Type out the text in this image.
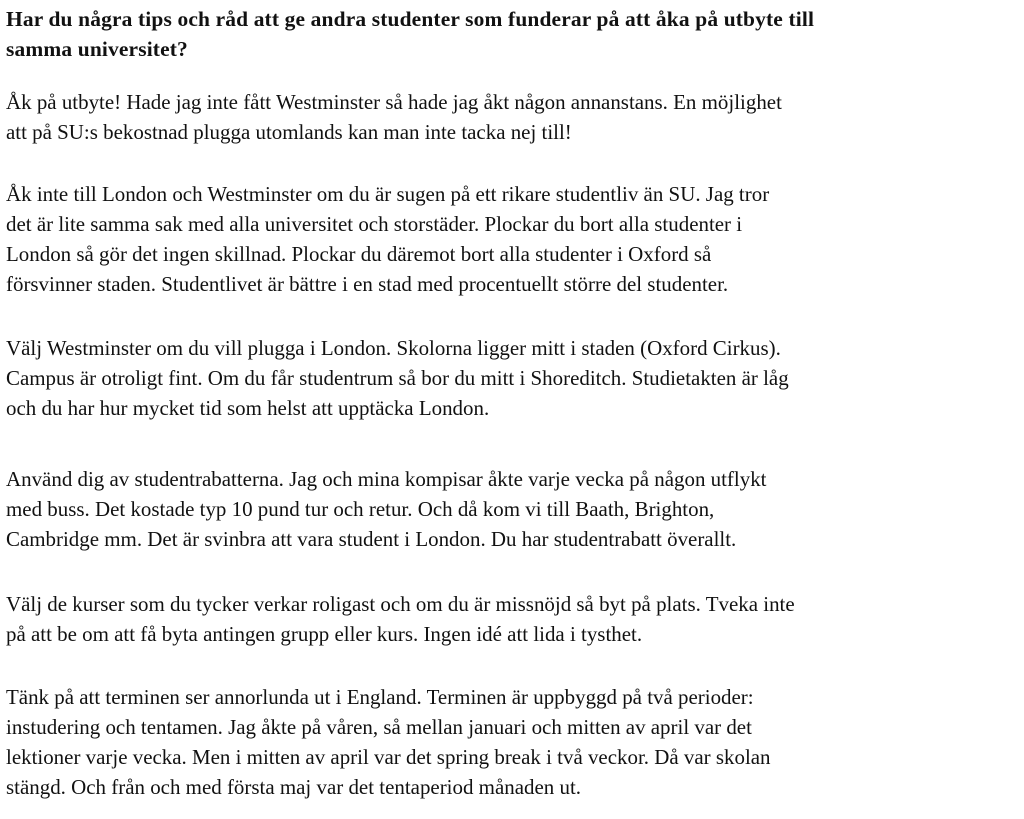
Har du några tips och råd att ge andra studenter som funderar på att åka på utbyte till
samma universitet?

Åk på utbyte! Hade jag inte fått Westminster så hade jag åkt någon annanstans. En möjlighet
att på SU:s bekostnad plugga utomlands kan man inte tacka nej till!

Åk inte till London och Westminster om du är sugen på ett rikare studentliv än SU. Jag tror
det är lite samma sak med alla universitet och storstäder. Plockar du bort alla studenter i
London så gör det ingen skillnad. Plockar du däremot bort alla studenter i Oxford så
försvinner staden. Studentlivet är bättre i en stad med procentuellt större del studenter.

Välj Westminster om du vill plugga i London. Skolorna ligger mitt i staden (Oxford Cirkus).
Campus är otroligt fint. Om du får studentrum så bor du mitt i Shoreditch. Studietakten är låg
och du har hur mycket tid som helst att upptäcka London.

Använd dig av studentrabatterna. Jag och mina kompisar åkte varje vecka på någon utflykt
med buss. Det kostade typ 10 pund tur och retur. Och då kom vi till Baath, Brighton,
Cambridge mm. Det är svinbra att vara student i London. Du har studentrabatt överallt.

Välj de kurser som du tycker verkar roligast och om du är missnöjd så byt på plats. Tveka inte
på att be om att få byta antingen grupp eller kurs. Ingen idé att lida i tysthet.

Tänk på att terminen ser annorlunda ut i England. Terminen är uppbyggd på två perioder:
instudering och tentamen. Jag åkte på våren, så mellan januari och mitten av april var det
lektioner varje vecka. Men i mitten av april var det spring break i två veckor. Då var skolan
stängd. Och från och med första maj var det tentaperiod månaden ut.
